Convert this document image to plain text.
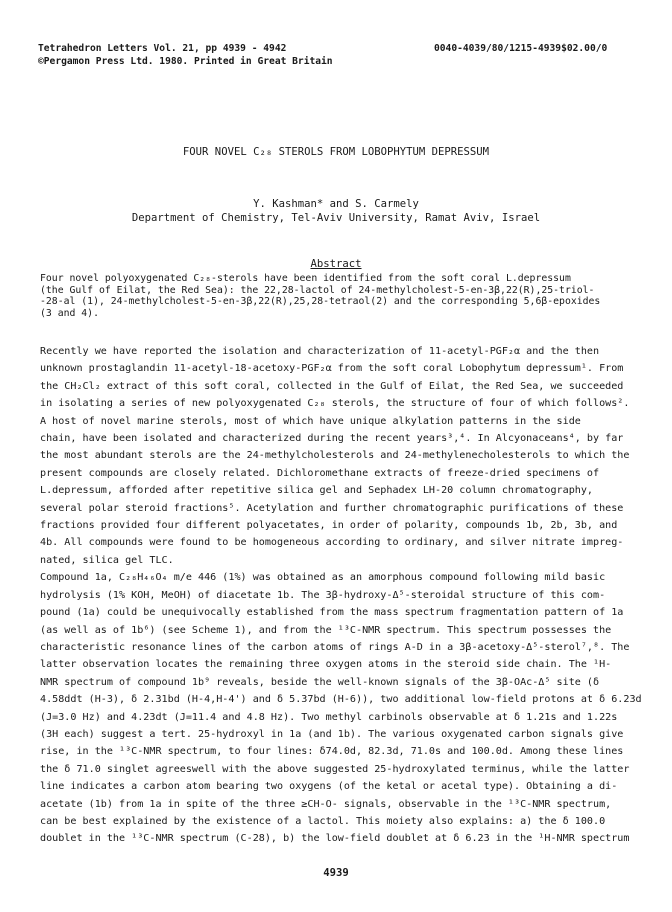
Tetrahedron Letters Vol. 21, pp 4939 - 4942
©Pergamon Press Ltd. 1980. Printed in Great Britain
0040-4039/80/1215-4939$02.00/0
FOUR NOVEL C₂₈ STEROLS FROM LOBOPHYTUM DEPRESSUM
Y. Kashman* and S. Carmely
Department of Chemistry, Tel-Aviv University, Ramat Aviv, Israel
Abstract
Four novel polyoxygenated C₂₈-sterols have been identified from the soft coral L.depressum
(the Gulf of Eilat, the Red Sea): the 22,28-lactol of 24-methylcholest-5-en-3β,22(R),25-triol-
-28-al (1), 24-methylcholest-5-en-3β,22(R),25,28-tetraol(2) and the corresponding 5,6β-epoxides
(3 and 4).
Recently we have reported the isolation and characterization of 11-acetyl-PGF₂α and the then
unknown prostaglandin 11-acetyl-18-acetoxy-PGF₂α from the soft coral Lobophytum depressum¹. From
the CH₂Cl₂ extract of this soft coral, collected in the Gulf of Eilat, the Red Sea, we succeeded
in isolating a series of new polyoxygenated C₂₈ sterols, the structure of four of which follows².
A host of novel marine sterols, most of which have unique alkylation patterns in the side
chain, have been isolated and characterized during the recent years³,⁴. In Alcyonaceans⁴, by far
the most abundant sterols are the 24-methylcholesterols and 24-methylenecholesterols to which the
present compounds are closely related. Dichloromethane extracts of freeze-dried specimens of
L.depressum, afforded after repetitive silica gel and Sephadex LH-20 column chromatography,
several polar steroid fractions⁵. Acetylation and further chromatographic purifications of these
fractions provided four different polyacetates, in order of polarity, compounds 1b, 2b, 3b, and
4b. All compounds were found to be homogeneous according to ordinary, and silver nitrate impreg-
nated, silica gel TLC.
Compound 1a, C₂₈H₄₆O₄ m/e 446 (1%) was obtained as an amorphous compound following mild basic
hydrolysis (1% KOH, MeOH) of diacetate 1b. The 3β-hydroxy-Δ⁵-steroidal structure of this com-
pound (1a) could be unequivocally established from the mass spectrum fragmentation pattern of 1a
(as well as of 1b⁶) (see Scheme 1), and from the ¹³C-NMR spectrum. This spectrum possesses the
characteristic resonance lines of the carbon atoms of rings A-D in a 3β-acetoxy-Δ⁵-sterol⁷,⁸. The
latter observation locates the remaining three oxygen atoms in the steroid side chain. The ¹H-
NMR spectrum of compound 1b⁹ reveals, beside the well-known signals of the 3β-OAc-Δ⁵ site (δ
4.58ddt (H-3), δ 2.31bd (H-4,H-4') and δ 5.37bd (H-6)), two additional low-field protons at δ 6.23d
(J=3.0 Hz) and 4.23dt (J=11.4 and 4.8 Hz). Two methyl carbinols observable at δ 1.21s and 1.22s
(3H each) suggest a tert. 25-hydroxyl in 1a (and 1b). The various oxygenated carbon signals give
rise, in the ¹³C-NMR spectrum, to four lines: δ74.0d, 82.3d, 71.0s and 100.0d. Among these lines
the δ 71.0 singlet agreeswell with the above suggested 25-hydroxylated terminus, while the latter
line indicates a carbon atom bearing two oxygens (of the ketal or acetal type). Obtaining a di-
acetate (1b) from 1a in spite of the three ≥CH-O- signals, observable in the ¹³C-NMR spectrum,
can be best explained by the existence of a lactol. This moiety also explains: a) the δ 100.0
doublet in the ¹³C-NMR spectrum (C-28), b) the low-field doublet at δ 6.23 in the ¹H-NMR spectrum
4939
